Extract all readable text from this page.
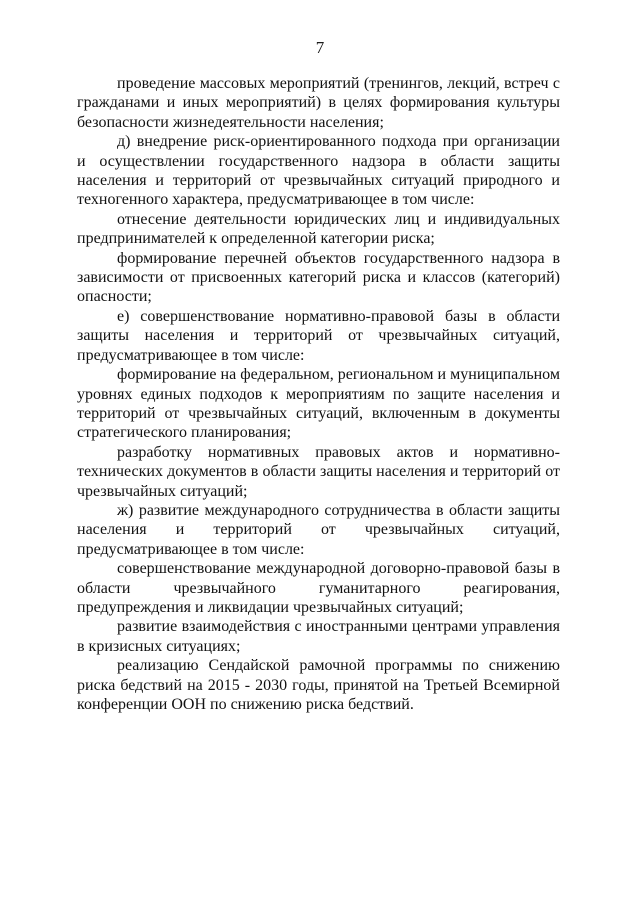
7

проведение массовых мероприятий (тренингов, лекций, встреч с гражданами и иных мероприятий) в целях формирования культуры безопасности жизнедеятельности населения;

д) внедрение риск-ориентированного подхода при организации и осуществлении государственного надзора в области защиты населения и территорий от чрезвычайных ситуаций природного и техногенного характера, предусматривающее в том числе:

отнесение деятельности юридических лиц и индивидуальных предпринимателей к определенной категории риска;

формирование перечней объектов государственного надзора в зависимости от присвоенных категорий риска и классов (категорий) опасности;

е) совершенствование нормативно-правовой базы в области защиты населения и территорий от чрезвычайных ситуаций, предусматривающее в том числе:

формирование на федеральном, региональном и муниципальном уровнях единых подходов к мероприятиям по защите населения и территорий от чрезвычайных ситуаций, включенным в документы стратегического планирования;

разработку нормативных правовых актов и нормативно-технических документов в области защиты населения и территорий от чрезвычайных ситуаций;

ж) развитие международного сотрудничества в области защиты населения и территорий от чрезвычайных ситуаций, предусматривающее в том числе:

совершенствование международной договорно-правовой базы в области чрезвычайного гуманитарного реагирования, предупреждения и ликвидации чрезвычайных ситуаций;

развитие взаимодействия с иностранными центрами управления в кризисных ситуациях;

реализацию Сендайской рамочной программы по снижению риска бедствий на 2015 - 2030 годы, принятой на Третьей Всемирной конференции ООН по снижению риска бедствий.
